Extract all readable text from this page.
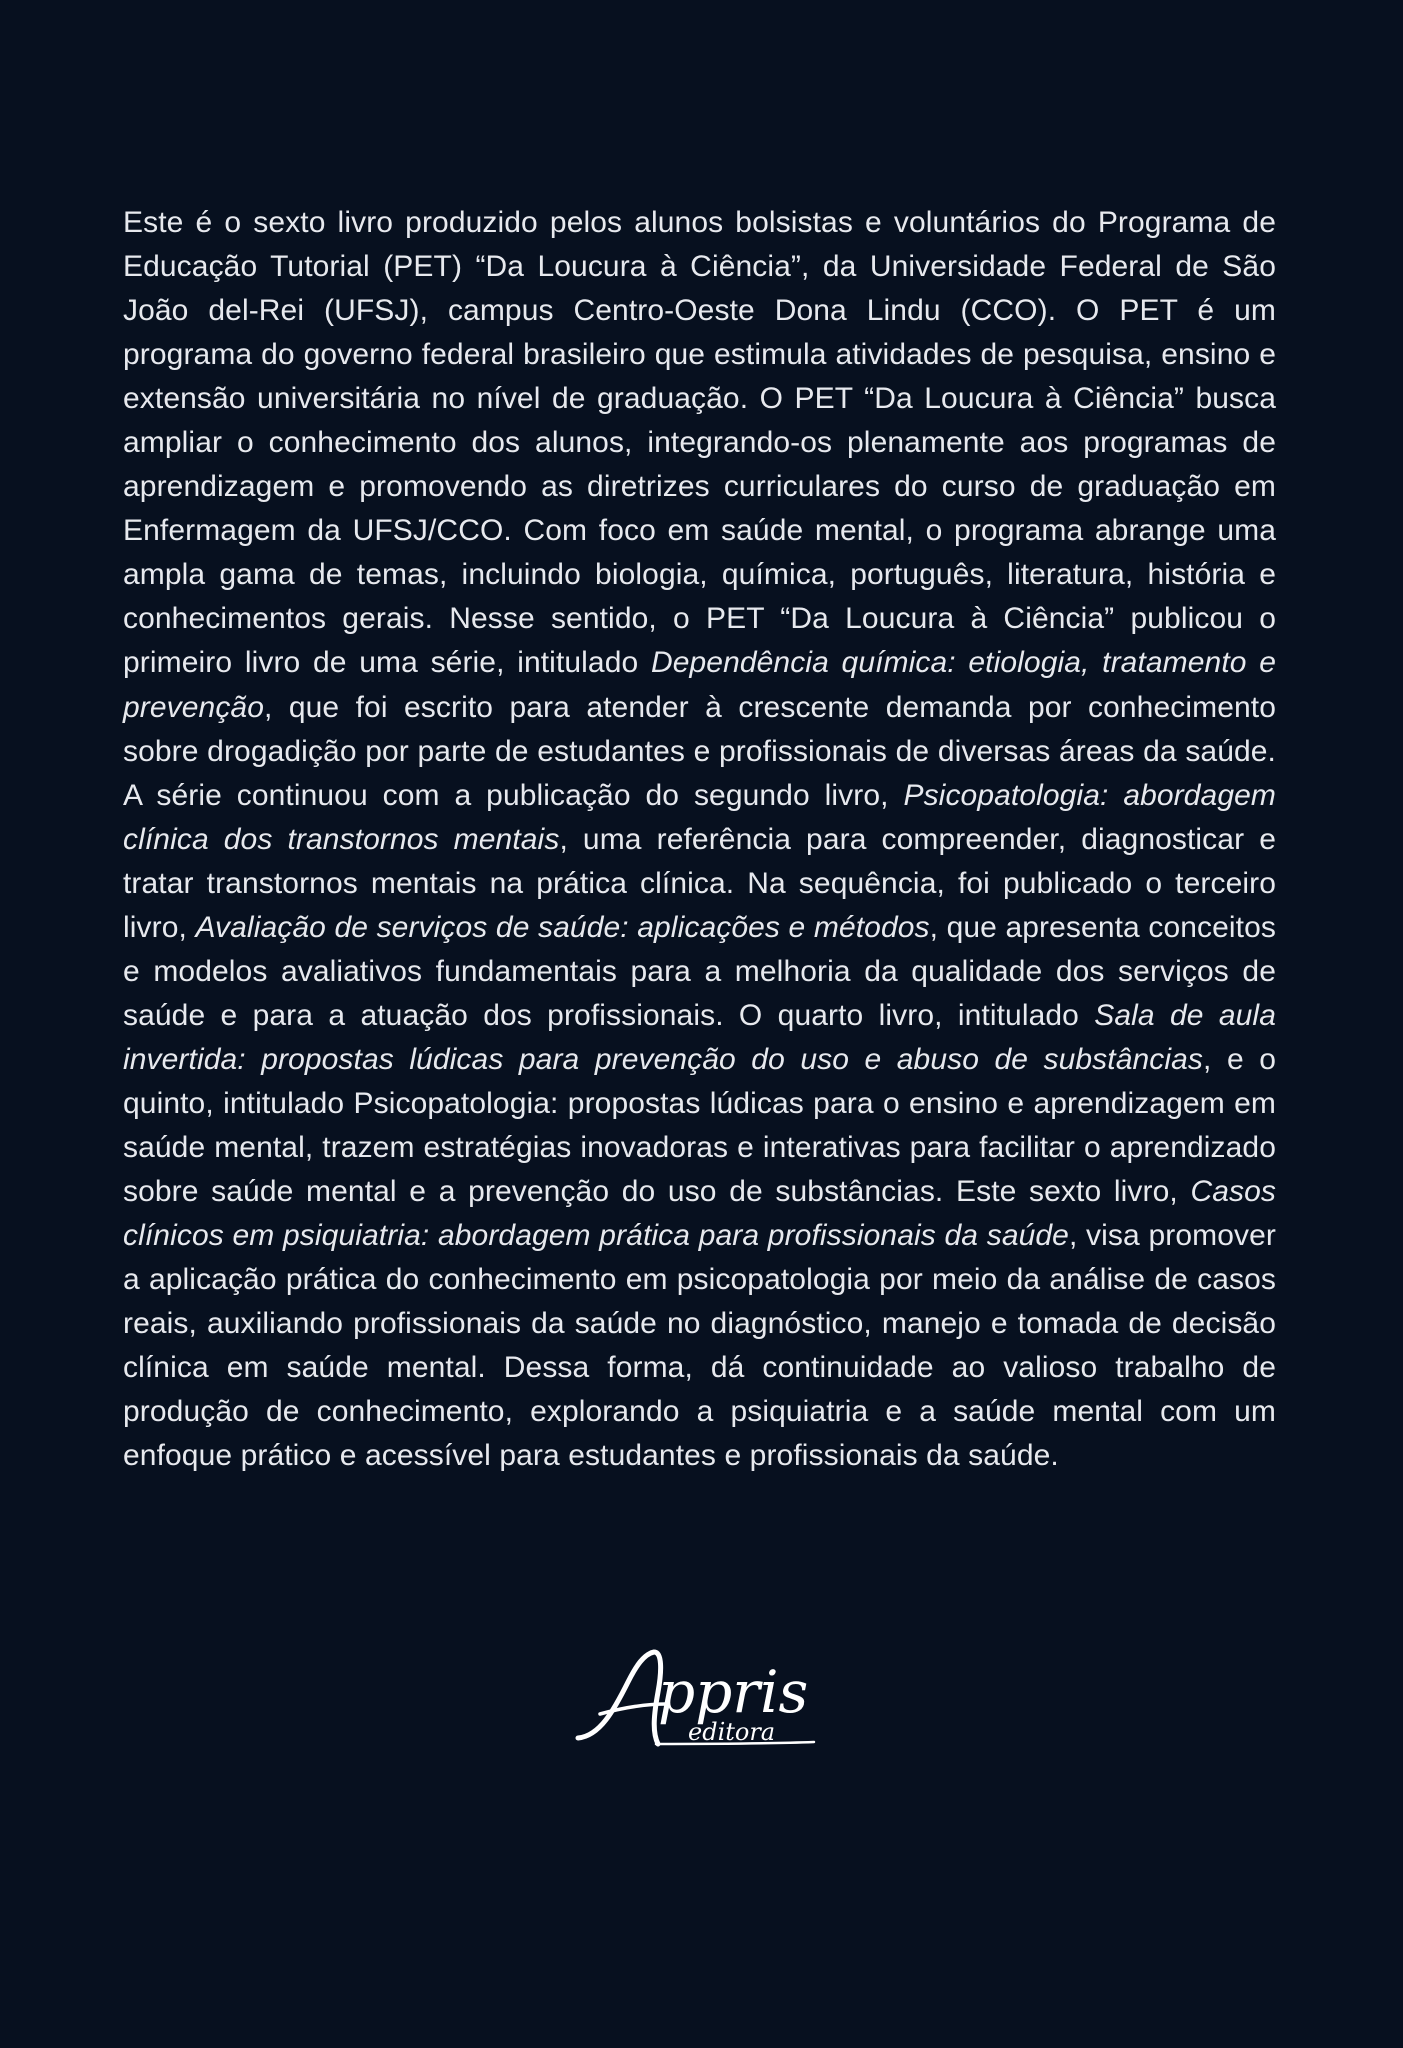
Este é o sexto livro produzido pelos alunos bolsistas e voluntários do Programa de Educação Tutorial (PET) “Da Loucura à Ciência”, da Universidade Federal de São João del-Rei (UFSJ), campus Centro-Oeste Dona Lindu (CCO). O PET é um programa do governo federal brasileiro que estimula atividades de pesquisa, ensino e extensão universitária no nível de graduação. O PET “Da Loucura à Ciência” busca ampliar o conhecimento dos alunos, integrando-os plenamente aos programas de aprendizagem e promovendo as diretrizes curriculares do curso de graduação em Enfermagem da UFSJ/CCO. Com foco em saúde mental, o programa abrange uma ampla gama de temas, incluindo biologia, química, português, literatura, história e conhecimentos gerais. Nesse sentido, o PET “Da Loucura à Ciência” publicou o primeiro livro de uma série, intitulado Dependência química: etiologia, tratamento e prevenção, que foi escrito para atender à crescente demanda por conhecimento sobre drogadição por parte de estudantes e profissionais de diversas áreas da saúde. A série continuou com a publicação do segundo livro, Psicopatologia: abordagem clínica dos transtornos mentais, uma referência para compreender, diagnosticar e tratar transtornos mentais na prática clínica. Na sequência, foi publicado o terceiro livro, Avaliação de serviços de saúde: aplicações e métodos, que apresenta conceitos e modelos avaliativos fundamentais para a melhoria da qualidade dos serviços de saúde e para a atuação dos profissionais. O quarto livro, intitulado Sala de aula invertida: propostas lúdicas para prevenção do uso e abuso de substâncias, e o quinto, intitulado Psicopatologia: propostas lúdicas para o ensino e aprendizagem em saúde mental, trazem estratégias inovadoras e interativas para facilitar o aprendizado sobre saúde mental e a prevenção do uso de substâncias. Este sexto livro, Casos clínicos em psiquiatria: abordagem prática para profissionais da saúde, visa promover a aplicação prática do conhecimento em psicopatologia por meio da análise de casos reais, auxiliando profissionais da saúde no diagnóstico, manejo e tomada de decisão clínica em saúde mental. Dessa forma, dá continuidade ao valioso trabalho de produção de conhecimento, explorando a psiquiatria e a saúde mental com um enfoque prático e acessível para estudantes e profissionais da saúde.

ppris
editora
